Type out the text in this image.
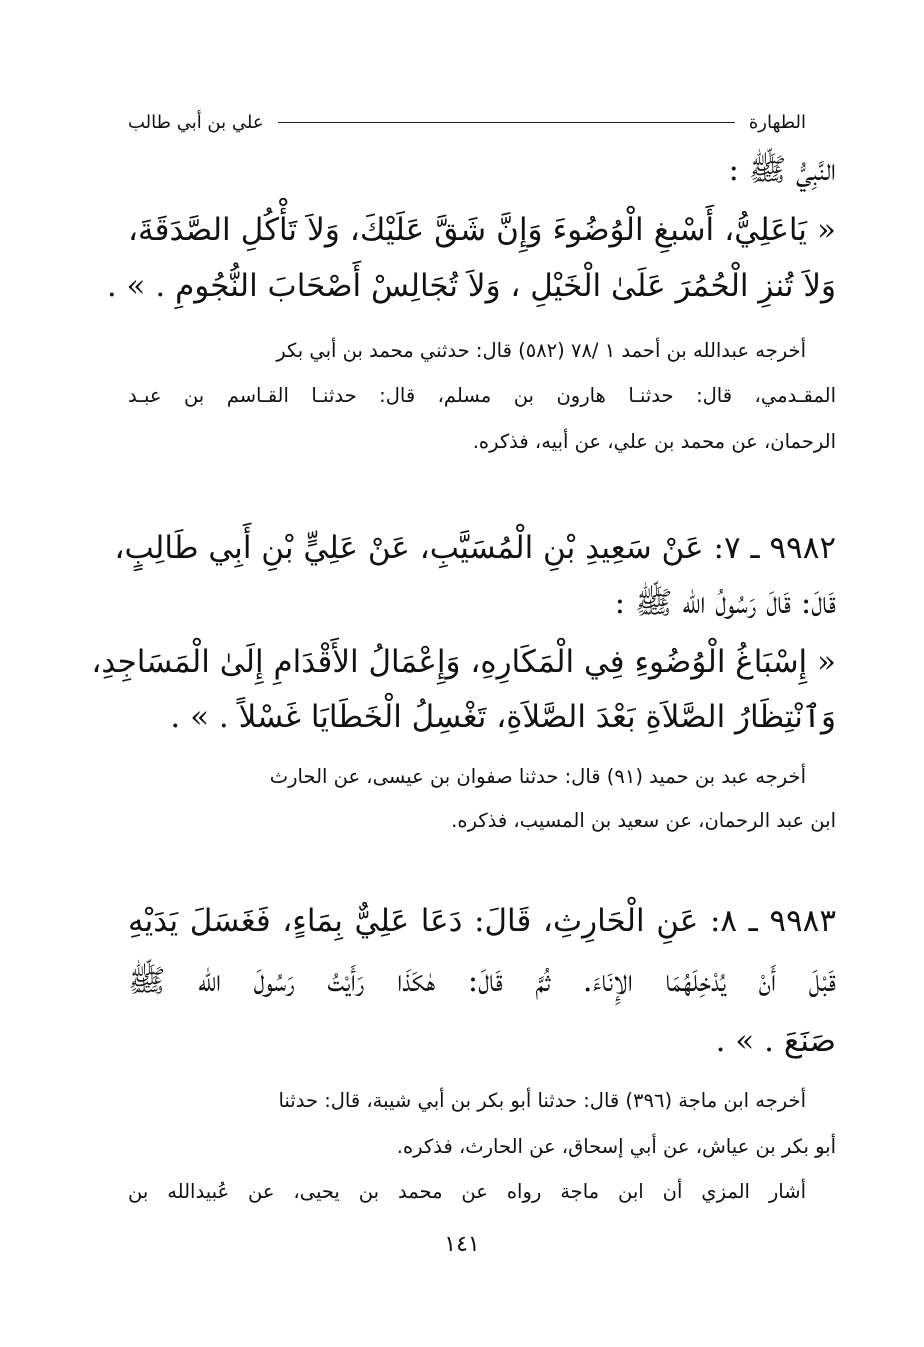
الطهارة
علي بن أبي طالب
النَّبِيُّ ﷺ :
« يَاعَلِيُّ، أَسْبغِ الْوُضُوءَ وَإِنَّ شَقَّ عَلَيْكَ، وَلاَ تَأْكُلِ الصَّدَقَةَ،
وَلاَ تُنزِ الْحُمُرَ عَلَىٰ الْخَيْلِ ، وَلاَ تُجَالِسْ أَصْحَابَ النُّجُومِ . » .
أخرجه عبدالله بن أحمد ١ /٧٨ (٥٨٢) قال: حدثني محمد بن أبي بكر
المقـدمي، قال: حدثنـا هارون بن مسلم، قال: حدثنـا القـاسم بن عبـد
الرحمان، عن محمد بن علي، عن أبيه، فذكره.
٩٩٨٢ ـ ٧: عَنْ سَعِيدِ بْنِ الْمُسَيَّبِ، عَنْ عَلِيٍّ بْنِ أَبِي طَالِبٍ،
قَالَ: قَالَ رَسُولُ الله ﷺ :
« إِسْبَاغُ الْوُضُوءِ فِي الْمَكَارِهِ، وَإِعْمَالُ الأَقْدَامِ إِلَىٰ الْمَسَاجِدِ،
وَٱنْتِظَارُ الصَّلاَةِ بَعْدَ الصَّلاَةِ، تَغْسِلُ الْخَطَايَا غَسْلاً . » .
أخرجه عبد بن حميد (٩١) قال: حدثنا صفوان بن عيسى، عن الحارث
ابن عبد الرحمان، عن سعيد بن المسيب، فذكره.
٩٩٨٣ ـ ٨: عَنِ الْحَارِثِ، قَالَ: دَعَا عَلِيٌّ بِمَاءٍ، فَغَسَلَ يَدَيْهِ
قَبْلَ أَنْ يُدْخِلَهُمَا الإِنَاءَ. ثُمَّ قَالَ: هٰكَذَا رَأَيْتُ رَسُولَ الله ﷺ
صَنَعَ . » .
أخرجه ابن ماجة (٣٩٦) قال: حدثنا أبو بكر بن أبي شيبة، قال: حدثنا
أبو بكر بن عياش، عن أبي إسحاق، عن الحارث، فذكره.
أشار المزي أن ابن ماجة رواه عن محمد بن يحيى، عن عُبيدالله بن
١٤١
